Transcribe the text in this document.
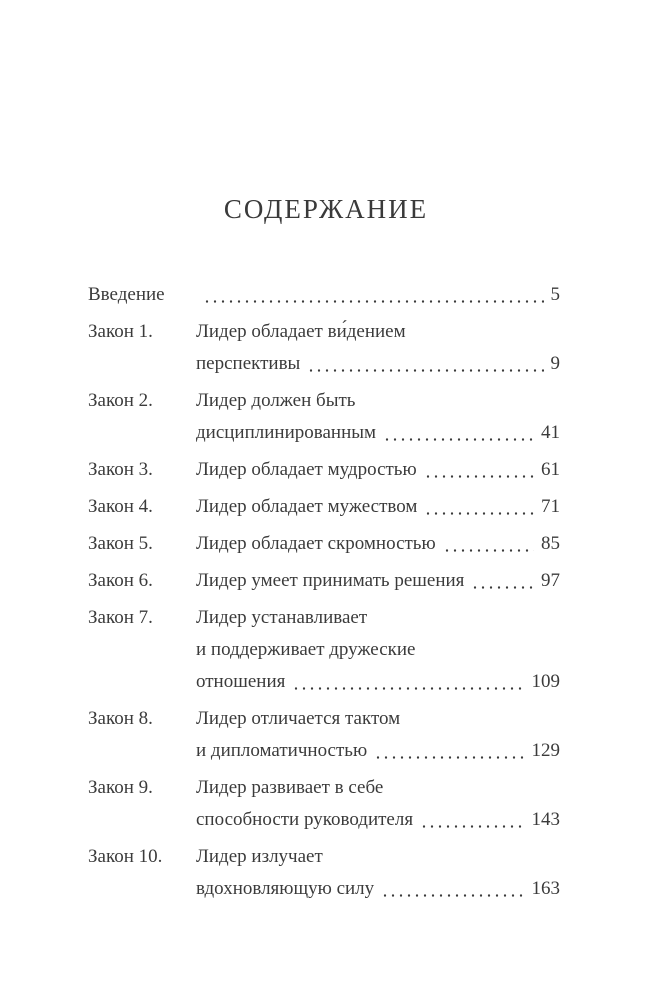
СОДЕРЖАНИЕ
Введение	5
Закон 1.	Лидер обладает ви́дением
перспективы	9
Закон 2.	Лидер должен быть
дисциплинированным	41
Закон 3.	Лидер обладает мудростью	61
Закон 4.	Лидер обладает мужеством	71
Закон 5.	Лидер обладает скромностью	85
Закон 6.	Лидер умеет принимать решения	97
Закон 7.	Лидер устанавливает
и поддерживает дружеские
отношения	109
Закон 8.	Лидер отличается тактом
и дипломатичностью	129
Закон 9.	Лидер развивает в себе
способности руководителя	143
Закон 10.	Лидер излучает
вдохновляющую силу	163
